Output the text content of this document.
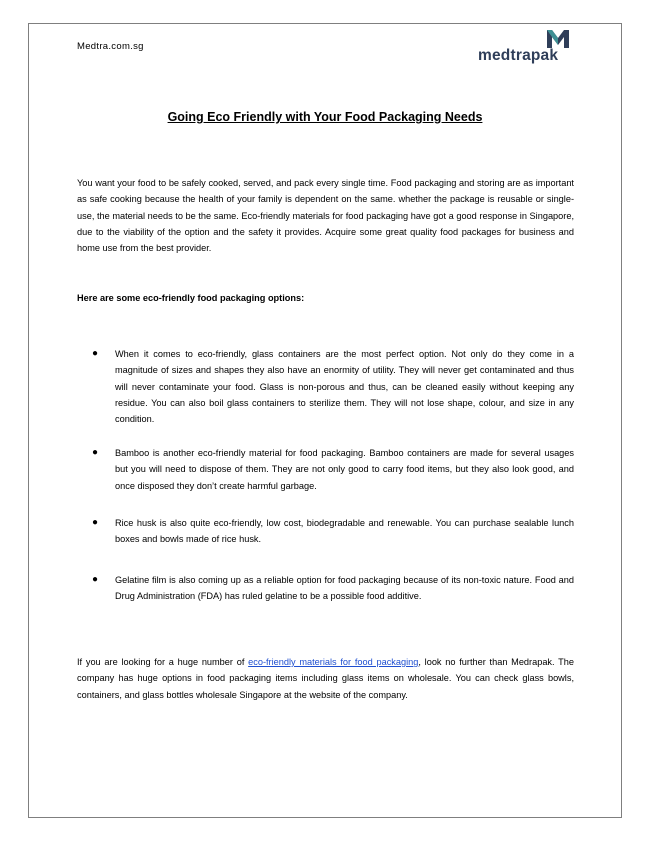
Medtra.com.sg
medtrapak
Going Eco Friendly with Your Food Packaging Needs

You want your food to be safely cooked, served, and pack every single time. Food packaging and storing are as important as safe cooking because the health of your family is dependent on the same. whether the package is reusable or single-use, the material needs to be the same. Eco-friendly materials for food packaging have got a good response in Singapore, due to the viability of the option and the safety it provides. Acquire some great quality food packages for business and home use from the best provider.

Here are some eco-friendly food packaging options:
● When it comes to eco-friendly, glass containers are the most perfect option. Not only do they come in a magnitude of sizes and shapes they also have an enormity of utility. They will never get contaminated and thus will never contaminate your food. Glass is non-porous and thus, can be cleaned easily without keeping any residue. You can also boil glass containers to sterilize them. They will not lose shape, colour, and size in any condition.
● Bamboo is another eco-friendly material for food packaging. Bamboo containers are made for several usages but you will need to dispose of them. They are not only good to carry food items, but they also look good, and once disposed they don’t create harmful garbage.
● Rice husk is also quite eco-friendly, low cost, biodegradable and renewable. You can purchase sealable lunch boxes and bowls made of rice husk.
● Gelatine film is also coming up as a reliable option for food packaging because of its non-toxic nature. Food and Drug Administration (FDA) has ruled gelatine to be a possible food additive.

If you are looking for a huge number of eco-friendly materials for food packaging, look no further than Medrapak. The company has huge options in food packaging items including glass items on wholesale. You can check glass bowls, containers, and glass bottles wholesale Singapore at the website of the company.
